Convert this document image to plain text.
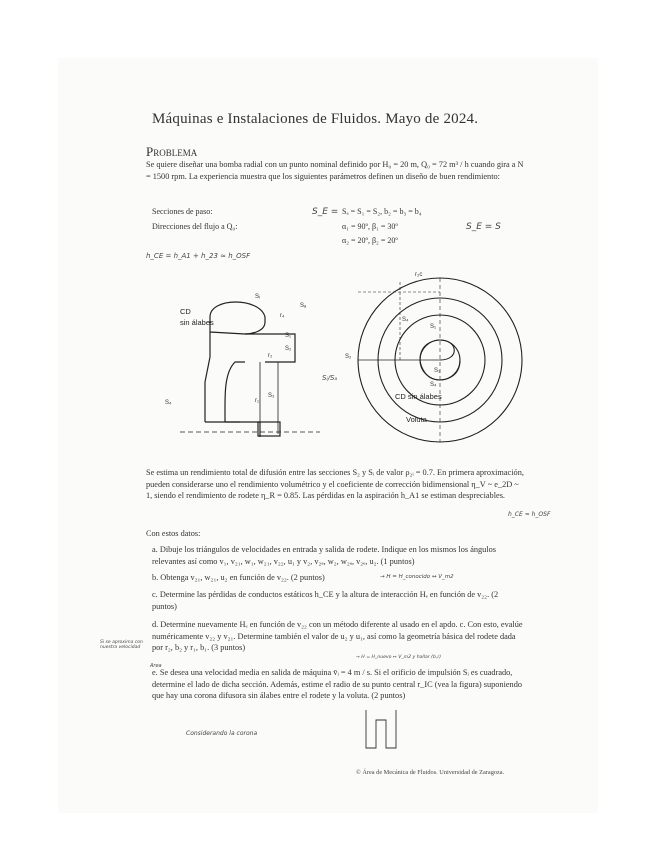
Máquinas e Instalaciones de Fluidos. Mayo de 2024.
Problema
Se quiere diseñar una bomba radial con un punto nominal definido por H₀ = 20 m, Q₀ = 72 m³ / h cuando gira a N = 1500 rpm. La experiencia muestra que los siguientes parámetros definen un diseño de buen rendimiento:
Secciones de paso:
Direcciones del flujo a Q₀:
Sₐ = S₁ = S₂, b₂ = b₃ = b₄
α₁ = 90º, β₁ = 30º
α₂ = 20º, β₂ = 20º
S_E =
S_E = S
h_CE = h_A1 + h_23 ≈ h_OSF
Sᵢ/Sₐ
CD
sin álabes
CD sin álabes
Voluta
Sᵢ
Sₐ
S₁
S₂
S₃
S₄
r₄
r₂
r₁
r₂c
S₄
S₁
S₂
S₃
S₄
Se estima un rendimiento total de difusión entre las secciones S₂ y Sᵢ de valor ρ₂ᵢ = 0.7. En primera aproximación, pueden considerarse uno el rendimiento volumétrico y el coeficiente de corrección bidimensional η_V ~ e_2D ~ 1, siendo el rendimiento de rodete η_R = 0.85. Las pérdidas en la aspiración h_A1 se estiman despreciables.
h_CE ≈ h_OSF
Con estos datos:
a. Dibuje los triángulos de velocidades en entrada y salida de rodete. Indique en los mismos los ángulos relevantes así como v₁, v₂₁, w₁, w₂₁, v₂₂, u₁ y v₂, v₂ₐ, w₂, w₂ₐ, v₂ₑ, u₂. (1 puntos)
b. Obtenga v₂₁, w₂₁, u₂ en función de v₂₂. (2 puntos)	→ H = H_conocido ↔ V_m2
c. Determine las pérdidas de conductos estáticos h_CE y la altura de interacción Hₑ en función de v₂₂. (2 puntos)
d. Determine nuevamente Hₑ en función de v₂₂ con un método diferente al usado en el apdo. c. Con esto, evalúe numéricamente v₂₂ y v₂₁. Determine también el valor de u₂ y u₁, así como la geometría básica del rodete dada por r₂, b₂ y r₁, b₁. (3 puntos)
Si se aproxima con nuestra velocidad
→ H = H_nuevo ↔ V_m2 y hallar (b,r)
Area
e. Se desea una velocidad media en salida de máquina v̄ᵢ = 4 m / s. Si el orificio de impulsión Sᵢ es cuadrado, determine el lado de dicha sección. Además, estime el radio de su punto central r_IC (vea la figura) suponiendo que hay una corona difusora sin álabes entre el rodete y la voluta. (2 puntos)
Considerando la corona
© Área de Mecánica de Fluidos. Universidad de Zaragoza.
